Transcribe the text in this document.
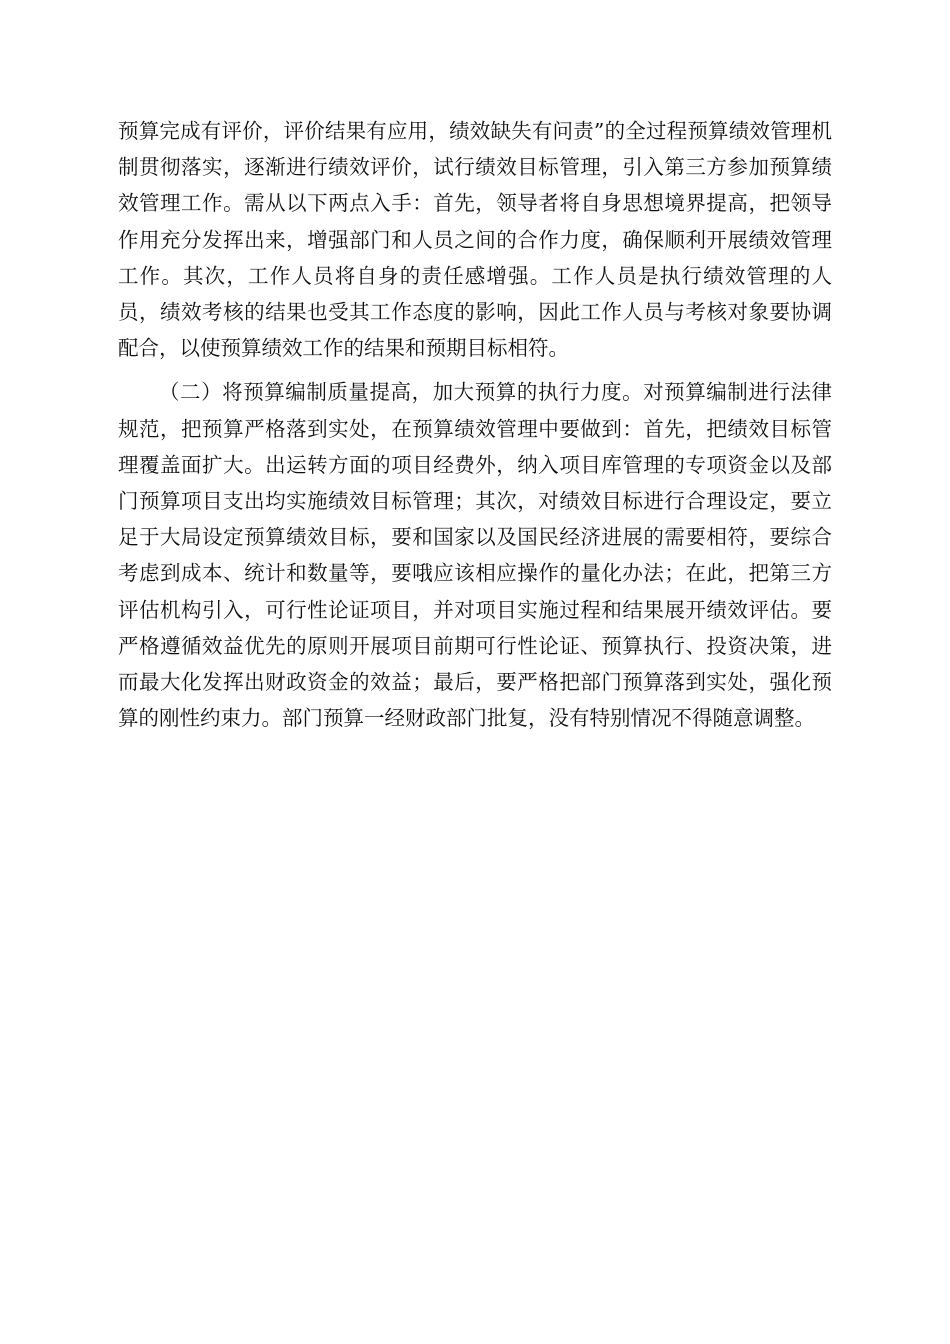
预算完成有评价，评价结果有应用，绩效缺失有问责”的全过程预算绩效管理机制贯彻落实，逐渐进行绩效评价，试行绩效目标管理，引入第三方参加预算绩效管理工作。需从以下两点入手：首先，领导者将自身思想境界提高，把领导作用充分发挥出来，增强部门和人员之间的合作力度，确保顺利开展绩效管理工作。其次，工作人员将自身的责任感增强。工作人员是执行绩效管理的人员，绩效考核的结果也受其工作态度的影响，因此工作人员与考核对象要协调配合，以使预算绩效工作的结果和预期目标相符。

（二）将预算编制质量提高，加大预算的执行力度。对预算编制进行法律规范，把预算严格落到实处，在预算绩效管理中要做到：首先，把绩效目标管理覆盖面扩大。出运转方面的项目经费外，纳入项目库管理的专项资金以及部门预算项目支出均实施绩效目标管理；其次，对绩效目标进行合理设定，要立足于大局设定预算绩效目标，要和国家以及国民经济进展的需要相符，要综合考虑到成本、统计和数量等，要哦应该相应操作的量化办法；在此，把第三方评估机构引入，可行性论证项目，并对项目实施过程和结果展开绩效评估。要严格遵循效益优先的原则开展项目前期可行性论证、预算执行、投资决策，进而最大化发挥出财政资金的效益；最后，要严格把部门预算落到实处，强化预算的刚性约束力。部门预算一经财政部门批复，没有特别情况不得随意调整。
